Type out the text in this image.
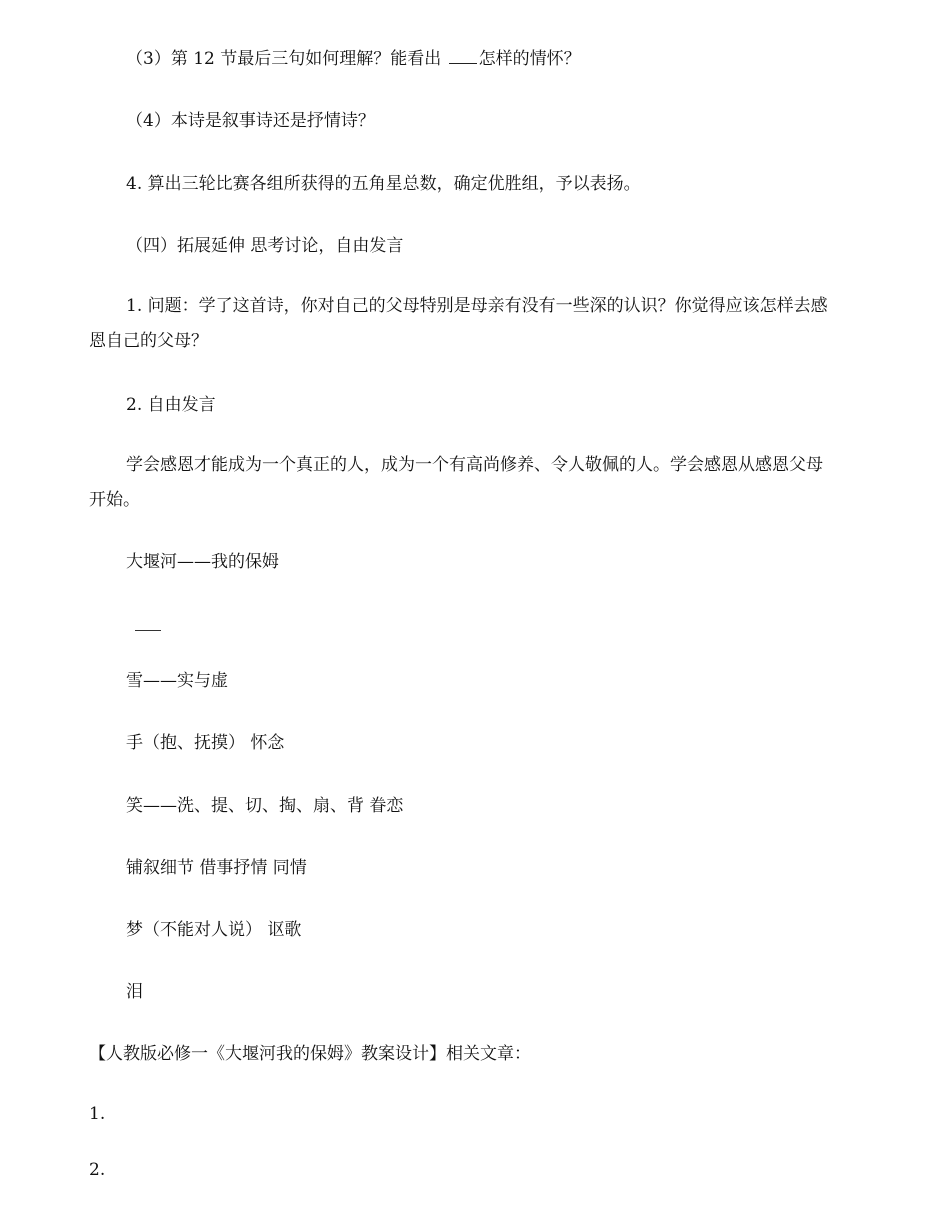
（3）第 12 节最后三句如何理解？能看出 怎样的情怀？
（4）本诗是叙事诗还是抒情诗？
4. 算出三轮比赛各组所获得的五角星总数，确定优胜组，予以表扬。
（四）拓展延伸 思考讨论，自由发言
1. 问题：学了这首诗，你对自己的父母特别是母亲有没有一些深的认识？你觉得应该怎样去感
恩自己的父母？
2. 自由发言
学会感恩才能成为一个真正的人，成为一个有高尚修养、令人敬佩的人。学会感恩从感恩父母
开始。
大堰河——我的保姆
雪——实与虚
手（抱、抚摸） 怀念
笑——洗、提、切、掏、扇、背 眷恋
铺叙细节 借事抒情 同情
梦（不能对人说） 讴歌
泪
【人教版必修一《大堰河我的保姆》教案设计】相关文章：
1.
2.
